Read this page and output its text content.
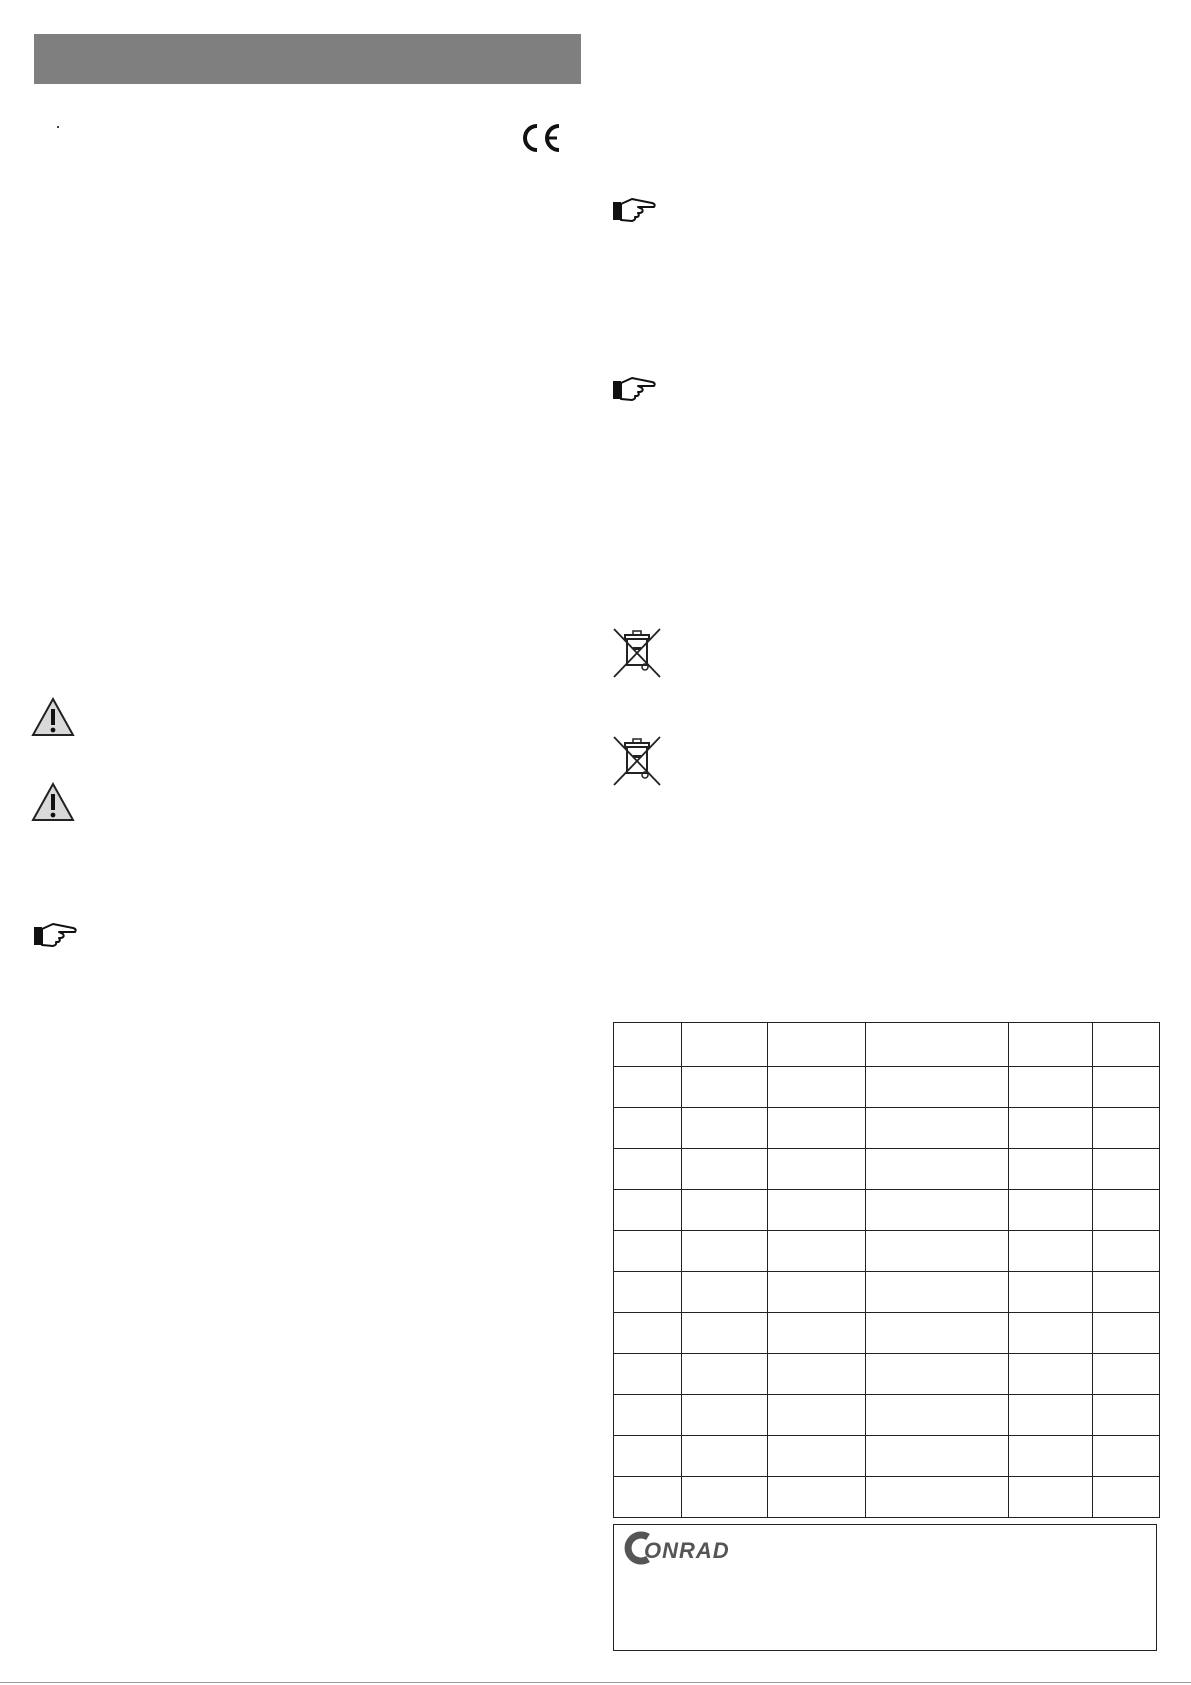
ONRAD
